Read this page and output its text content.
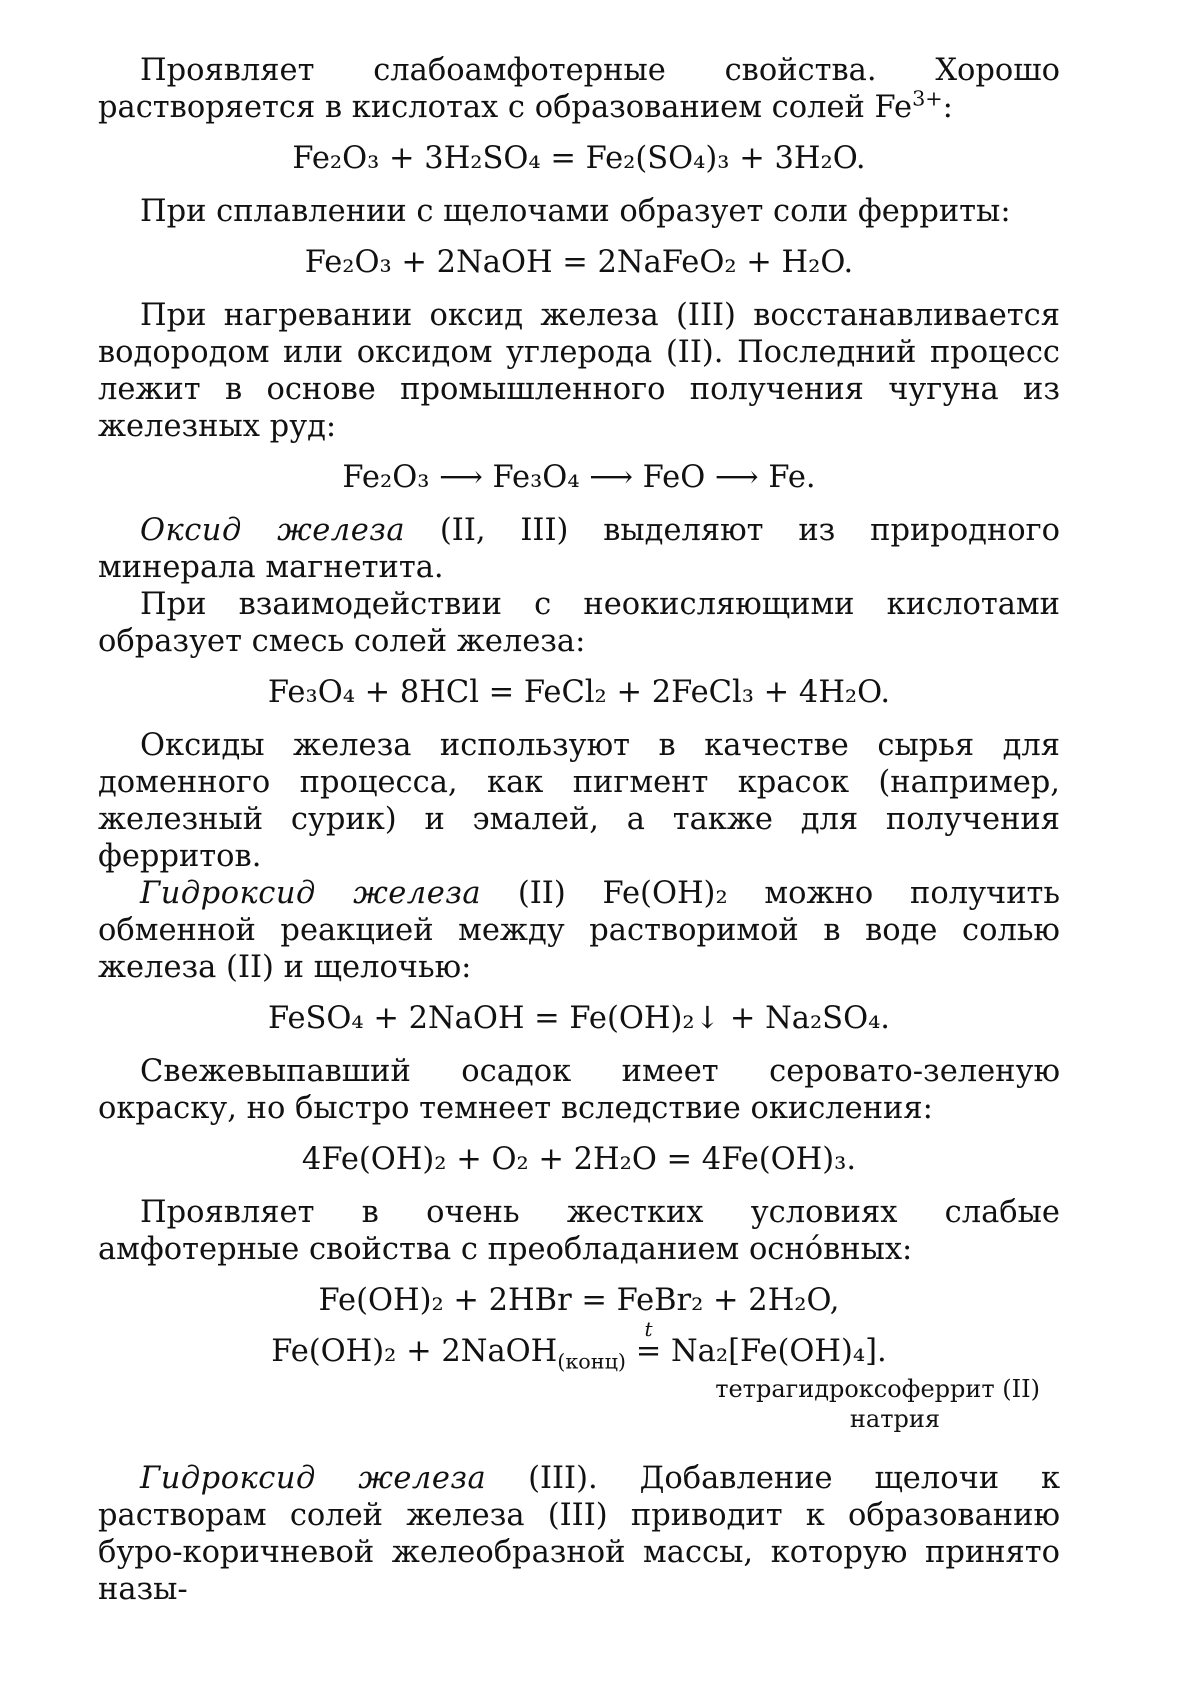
Проявляет слабоамфотерные свойства. Хорошо растворяется в кислотах с образованием солей $Fe^{3+}$:

Fe₂O₃ + 3H₂SO₄ = Fe₂(SO₄)₃ + 3H₂O.

При сплавлении с щелочами образует соли ферриты:

Fe₂O₃ + 2NaOH = 2NaFeO₂ + H₂O.

При нагревании оксид железа (III) восстанавливается водородом или оксидом углерода (II). Последний процесс лежит в основе промышленного получения чугуна из железных руд:

Fe₂O₃ ⟶ Fe₃O₄ ⟶ FeO ⟶ Fe.

Оксид железа (II, III) выделяют из природного минерала магнетита.

При взаимодействии с неокисляющими кислотами образует смесь солей железа:

Fe₃O₄ + 8HCl = FeCl₂ + 2FeCl₃ + 4H₂O.

Оксиды железа используют в качестве сырья для доменного процесса, как пигмент красок (например, железный сурик) и эмалей, а также для получения ферритов.

Гидроксид железа (II) Fe(OH)₂ можно получить обменной реакцией между растворимой в воде солью железа (II) и щелочью:

FeSO₄ + 2NaOH = Fe(OH)₂↓ + Na₂SO₄.

Свежевыпавший осадок имеет серовато-зеленую окраску, но быстро темнеет вследствие окисления:

4Fe(OH)₂ + O₂ + 2H₂O = 4Fe(OH)₃.

Проявляет в очень жестких условиях слабые амфотерные свойства с преобладанием осно́вных:

Fe(OH)₂ + 2HBr = FeBr₂ + 2H₂O,
Fe(OH)₂ + 2NaOH$_{(конц)}$
t
= Na₂[Fe(OH)₄].
тетрагидроксоферрит (II)
натрия

Гидроксид железа (III). Добавление щелочи к растворам солей железа (III) приводит к образованию буро-коричневой желеобразной массы, которую принято назы-
